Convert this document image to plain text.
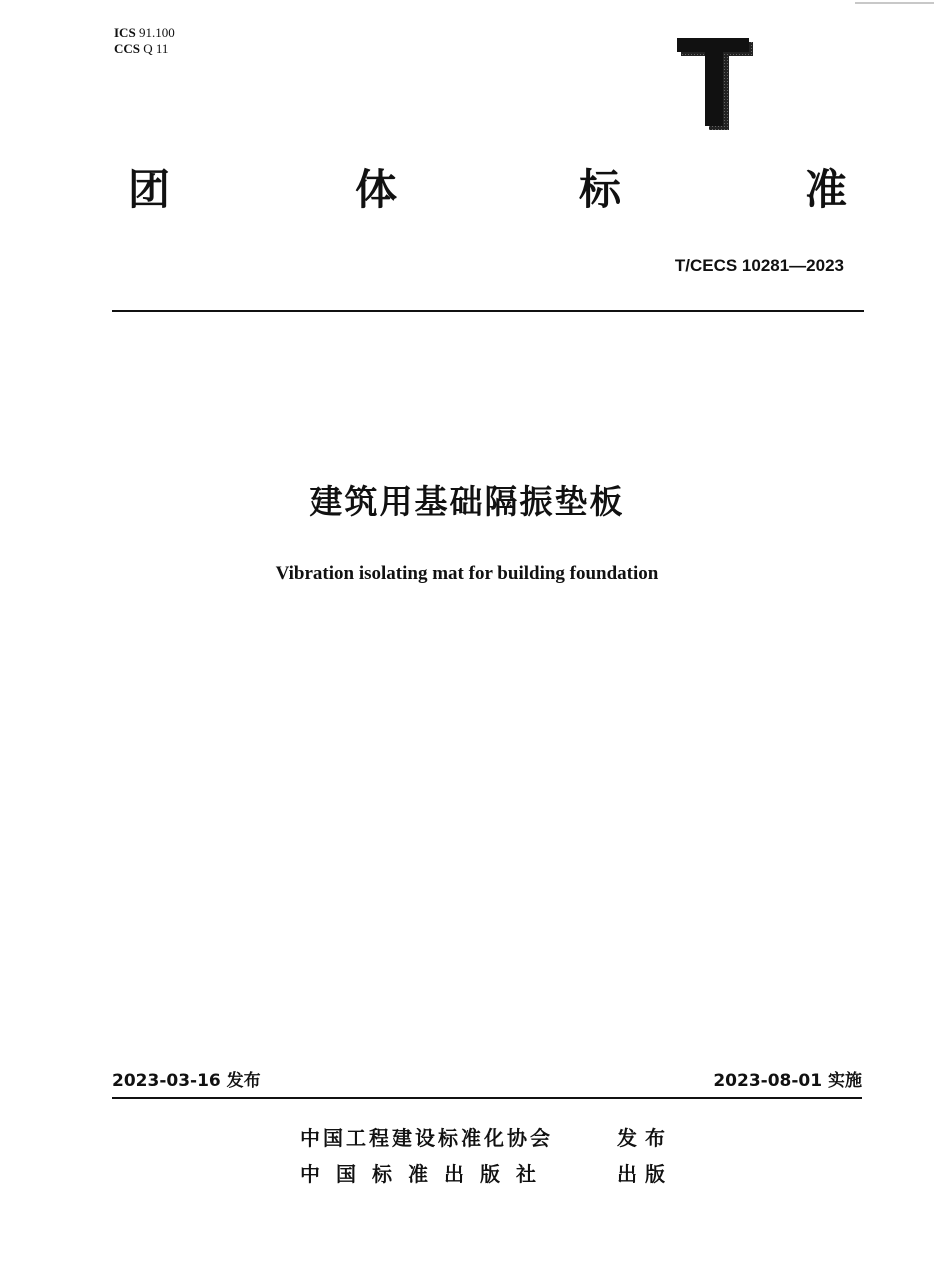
ICS 91.100
CCS Q 11
团	体	标	准
T/CECS 10281—2023
建筑用基础隔振垫板
Vibration isolating mat for building foundation
2023-03-16 发布	2023-08-01 实施
中国工程建设标准化协会	发布
中国标准出版社	出版
